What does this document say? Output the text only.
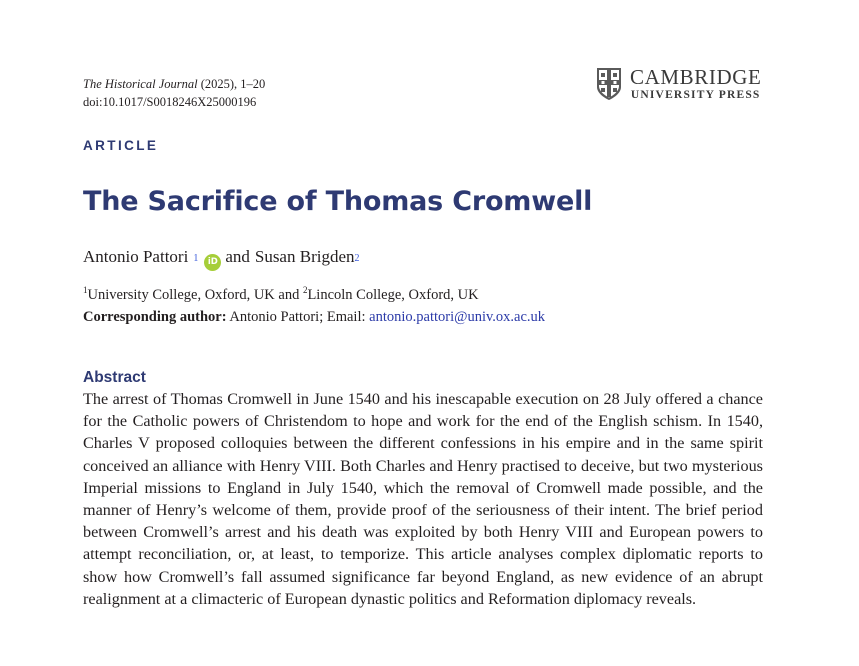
The Historical Journal (2025), 1–20
doi:10.1017/S0018246X25000196
CAMBRIDGE
UNIVERSITY PRESS
ARTICLE
The Sacrifice of Thomas Cromwell
Antonio Pattori $^1$	iD and Susan Brigden$^2$
$^1$University College, Oxford, UK and $^2$Lincoln College, Oxford, UK
Corresponding author: Antonio Pattori; Email: antonio.pattori@univ.ox.ac.uk
Abstract

The arrest of Thomas Cromwell in June 1540 and his inescapable execution on 28 July offered a chance for the Catholic powers of Christendom to hope and work for the end of the English schism. In 1540, Charles V proposed colloquies between the different confessions in his empire and in the same spirit conceived an alliance with Henry VIII. Both Charles and Henry practised to deceive, but two mysterious Imperial missions to England in July 1540, which the removal of Cromwell made possible, and the manner of Henry’s welcome of them, provide proof of the seriousness of their intent. The brief period between Cromwell’s arrest and his death was exploited by both Henry VIII and European powers to attempt reconciliation, or, at least, to temporize. This article analyses complex diplomatic reports to show how Cromwell’s fall assumed significance far beyond England, as new evidence of an abrupt realignment at a climacteric of European dynastic politics and Reformation diplomacy reveals.
